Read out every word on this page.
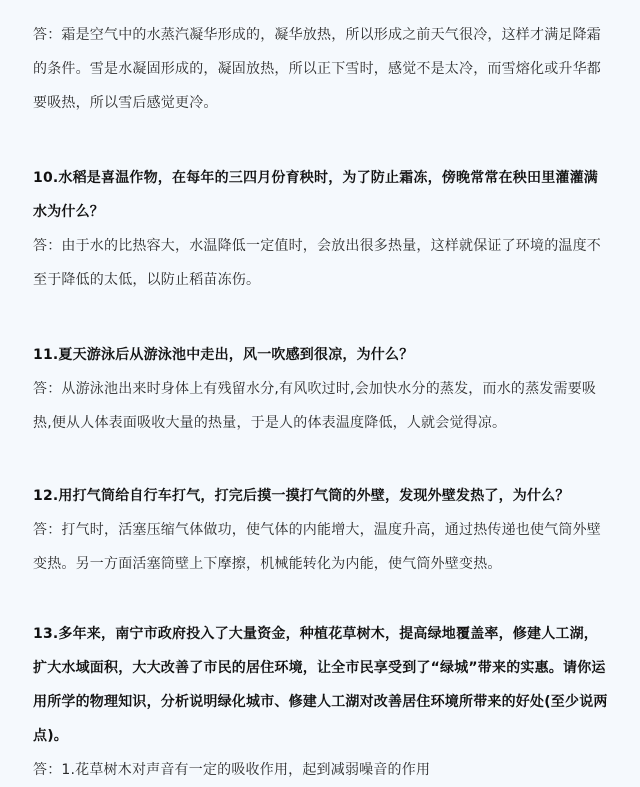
答：霜是空气中的水蒸汽凝华形成的，凝华放热，所以形成之前天气很冷，这样才满足降霜的条件。雪是水凝固形成的，凝固放热，所以正下雪时，感觉不是太冷，而雪熔化或升华都要吸热，所以雪后感觉更冷。

10.水稻是喜温作物，在每年的三四月份育秧时，为了防止霜冻，傍晚常常在秧田里灌灌满水为什么？

答：由于水的比热容大，水温降低一定值时，会放出很多热量，这样就保证了环境的温度不至于降低的太低，以防止稻苗冻伤。

11.夏天游泳后从游泳池中走出，风一吹感到很凉，为什么？

答：从游泳池出来时身体上有残留水分,有风吹过时,会加快水分的蒸发，而水的蒸发需要吸热,便从人体表面吸收大量的热量，于是人的体表温度降低，人就会觉得凉。

12.用打气筒给自行车打气，打完后摸一摸打气筒的外壁，发现外壁发热了，为什么？

答：打气时，活塞压缩气体做功，使气体的内能增大，温度升高，通过热传递也使气筒外壁变热。另一方面活塞筒壁上下摩擦，机械能转化为内能，使气筒外壁变热。

13.多年来，南宁市政府投入了大量资金，种植花草树木，提高绿地覆盖率，修建人工湖，扩大水域面积，大大改善了市民的居住环境，让全市民享受到了“绿城”带来的实惠。请你运用所学的物理知识，分析说明绿化城市、修建人工湖对改善居住环境所带来的好处(至少说两点)。

答：1.花草树木对声音有一定的吸收作用，起到减弱噪音的作用
